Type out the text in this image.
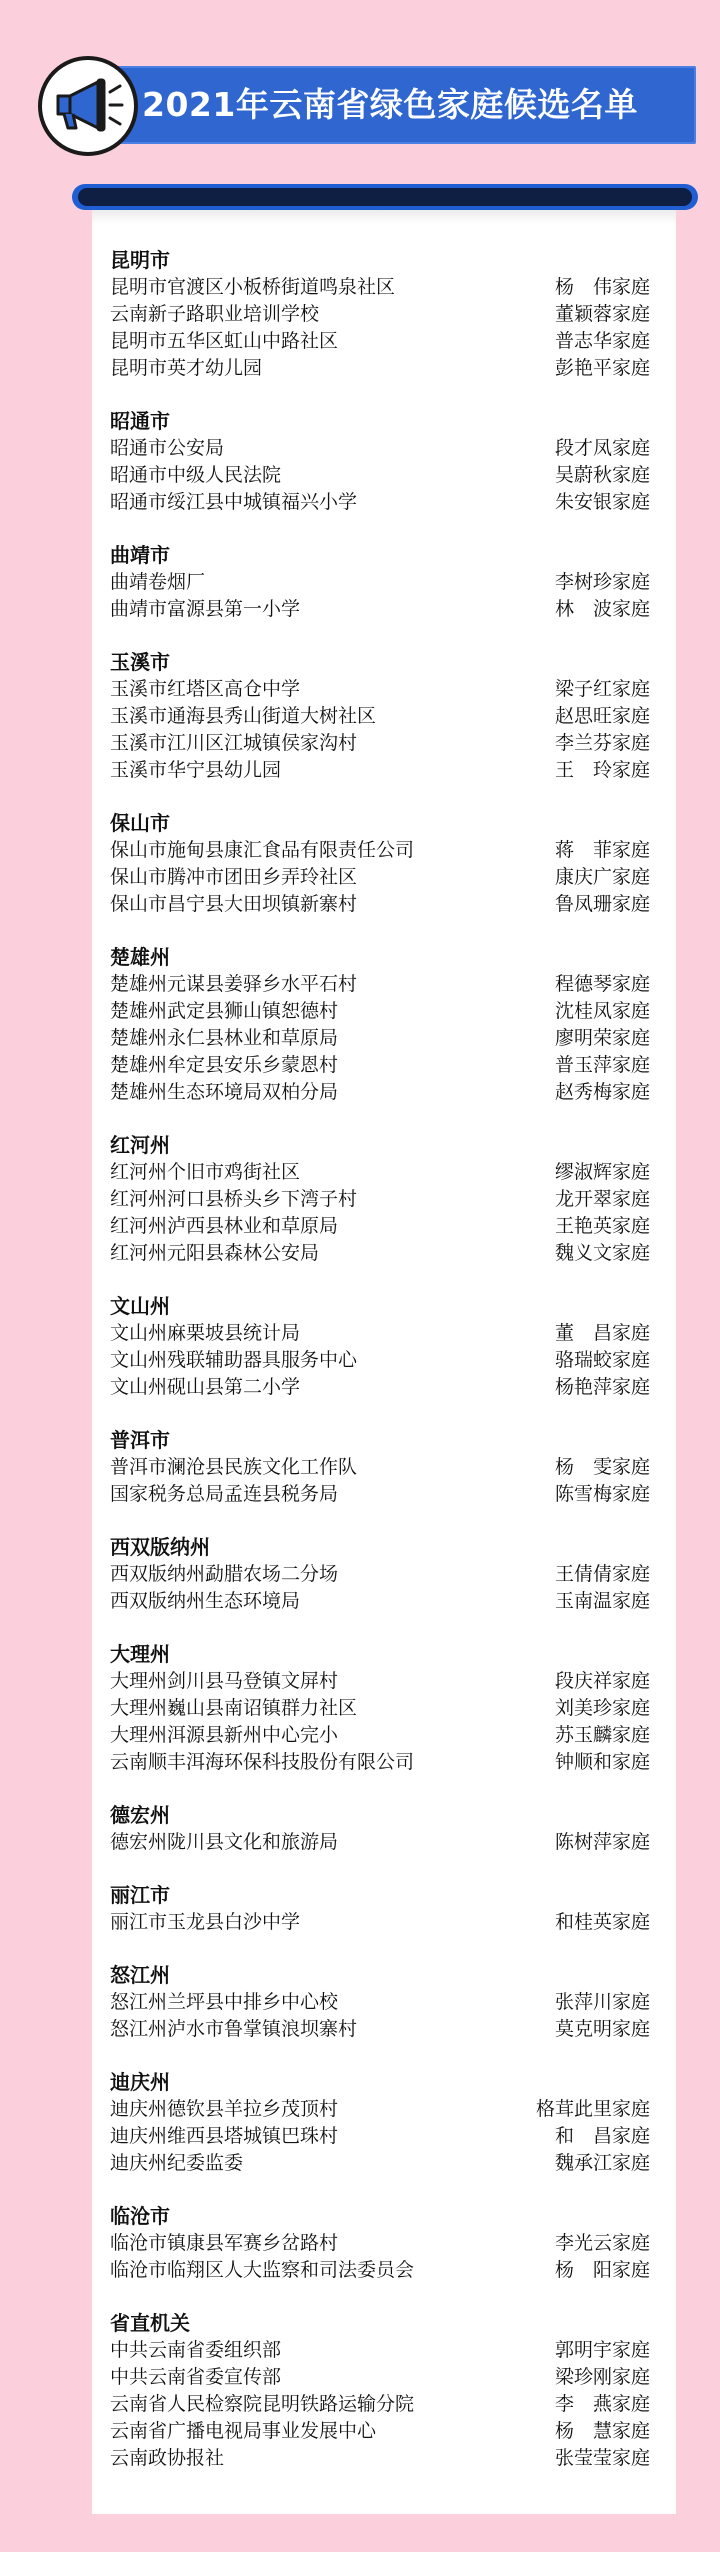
2021年云南省绿色家庭候选名单
昆明市
昆明市官渡区小板桥街道鸣泉社区	杨　伟家庭
云南新子路职业培训学校	董颖蓉家庭
昆明市五华区虹山中路社区	普志华家庭
昆明市英才幼儿园	彭艳平家庭
昭通市
昭通市公安局	段才凤家庭
昭通市中级人民法院	吴蔚秋家庭
昭通市绥江县中城镇福兴小学	朱安银家庭
曲靖市
曲靖卷烟厂	李树珍家庭
曲靖市富源县第一小学	林　波家庭
玉溪市
玉溪市红塔区高仓中学	梁子红家庭
玉溪市通海县秀山街道大树社区	赵思旺家庭
玉溪市江川区江城镇侯家沟村	李兰芬家庭
玉溪市华宁县幼儿园	王　玲家庭
保山市
保山市施甸县康汇食品有限责任公司	蒋　菲家庭
保山市腾冲市团田乡弄玲社区	康庆广家庭
保山市昌宁县大田坝镇新寨村	鲁凤珊家庭
楚雄州
楚雄州元谋县姜驿乡水平石村	程德琴家庭
楚雄州武定县狮山镇恕德村	沈桂凤家庭
楚雄州永仁县林业和草原局	廖明荣家庭
楚雄州牟定县安乐乡蒙恩村	普玉萍家庭
楚雄州生态环境局双柏分局	赵秀梅家庭
红河州
红河州个旧市鸡街社区	缪淑辉家庭
红河州河口县桥头乡下湾子村	龙开翠家庭
红河州泸西县林业和草原局	王艳英家庭
红河州元阳县森林公安局	魏义文家庭
文山州
文山州麻栗坡县统计局	董　昌家庭
文山州残联辅助器具服务中心	骆瑞蛟家庭
文山州砚山县第二小学	杨艳萍家庭
普洱市
普洱市澜沧县民族文化工作队	杨　雯家庭
国家税务总局孟连县税务局	陈雪梅家庭
西双版纳州
西双版纳州勐腊农场二分场	王倩倩家庭
西双版纳州生态环境局	玉南温家庭
大理州
大理州剑川县马登镇文屏村	段庆祥家庭
大理州巍山县南诏镇群力社区	刘美珍家庭
大理州洱源县新州中心完小	苏玉麟家庭
云南顺丰洱海环保科技股份有限公司	钟顺和家庭
德宏州
德宏州陇川县文化和旅游局	陈树萍家庭
丽江市
丽江市玉龙县白沙中学	和桂英家庭
怒江州
怒江州兰坪县中排乡中心校	张萍川家庭
怒江州泸水市鲁掌镇浪坝寨村	莫克明家庭
迪庆州
迪庆州德钦县羊拉乡茂顶村	格茸此里家庭
迪庆州维西县塔城镇巴珠村	和　昌家庭
迪庆州纪委监委	魏承江家庭
临沧市
临沧市镇康县军赛乡岔路村	李光云家庭
临沧市临翔区人大监察和司法委员会	杨　阳家庭
省直机关
中共云南省委组织部	郭明宇家庭
中共云南省委宣传部	梁珍刚家庭
云南省人民检察院昆明铁路运输分院	李　燕家庭
云南省广播电视局事业发展中心	杨　慧家庭
云南政协报社	张莹莹家庭
